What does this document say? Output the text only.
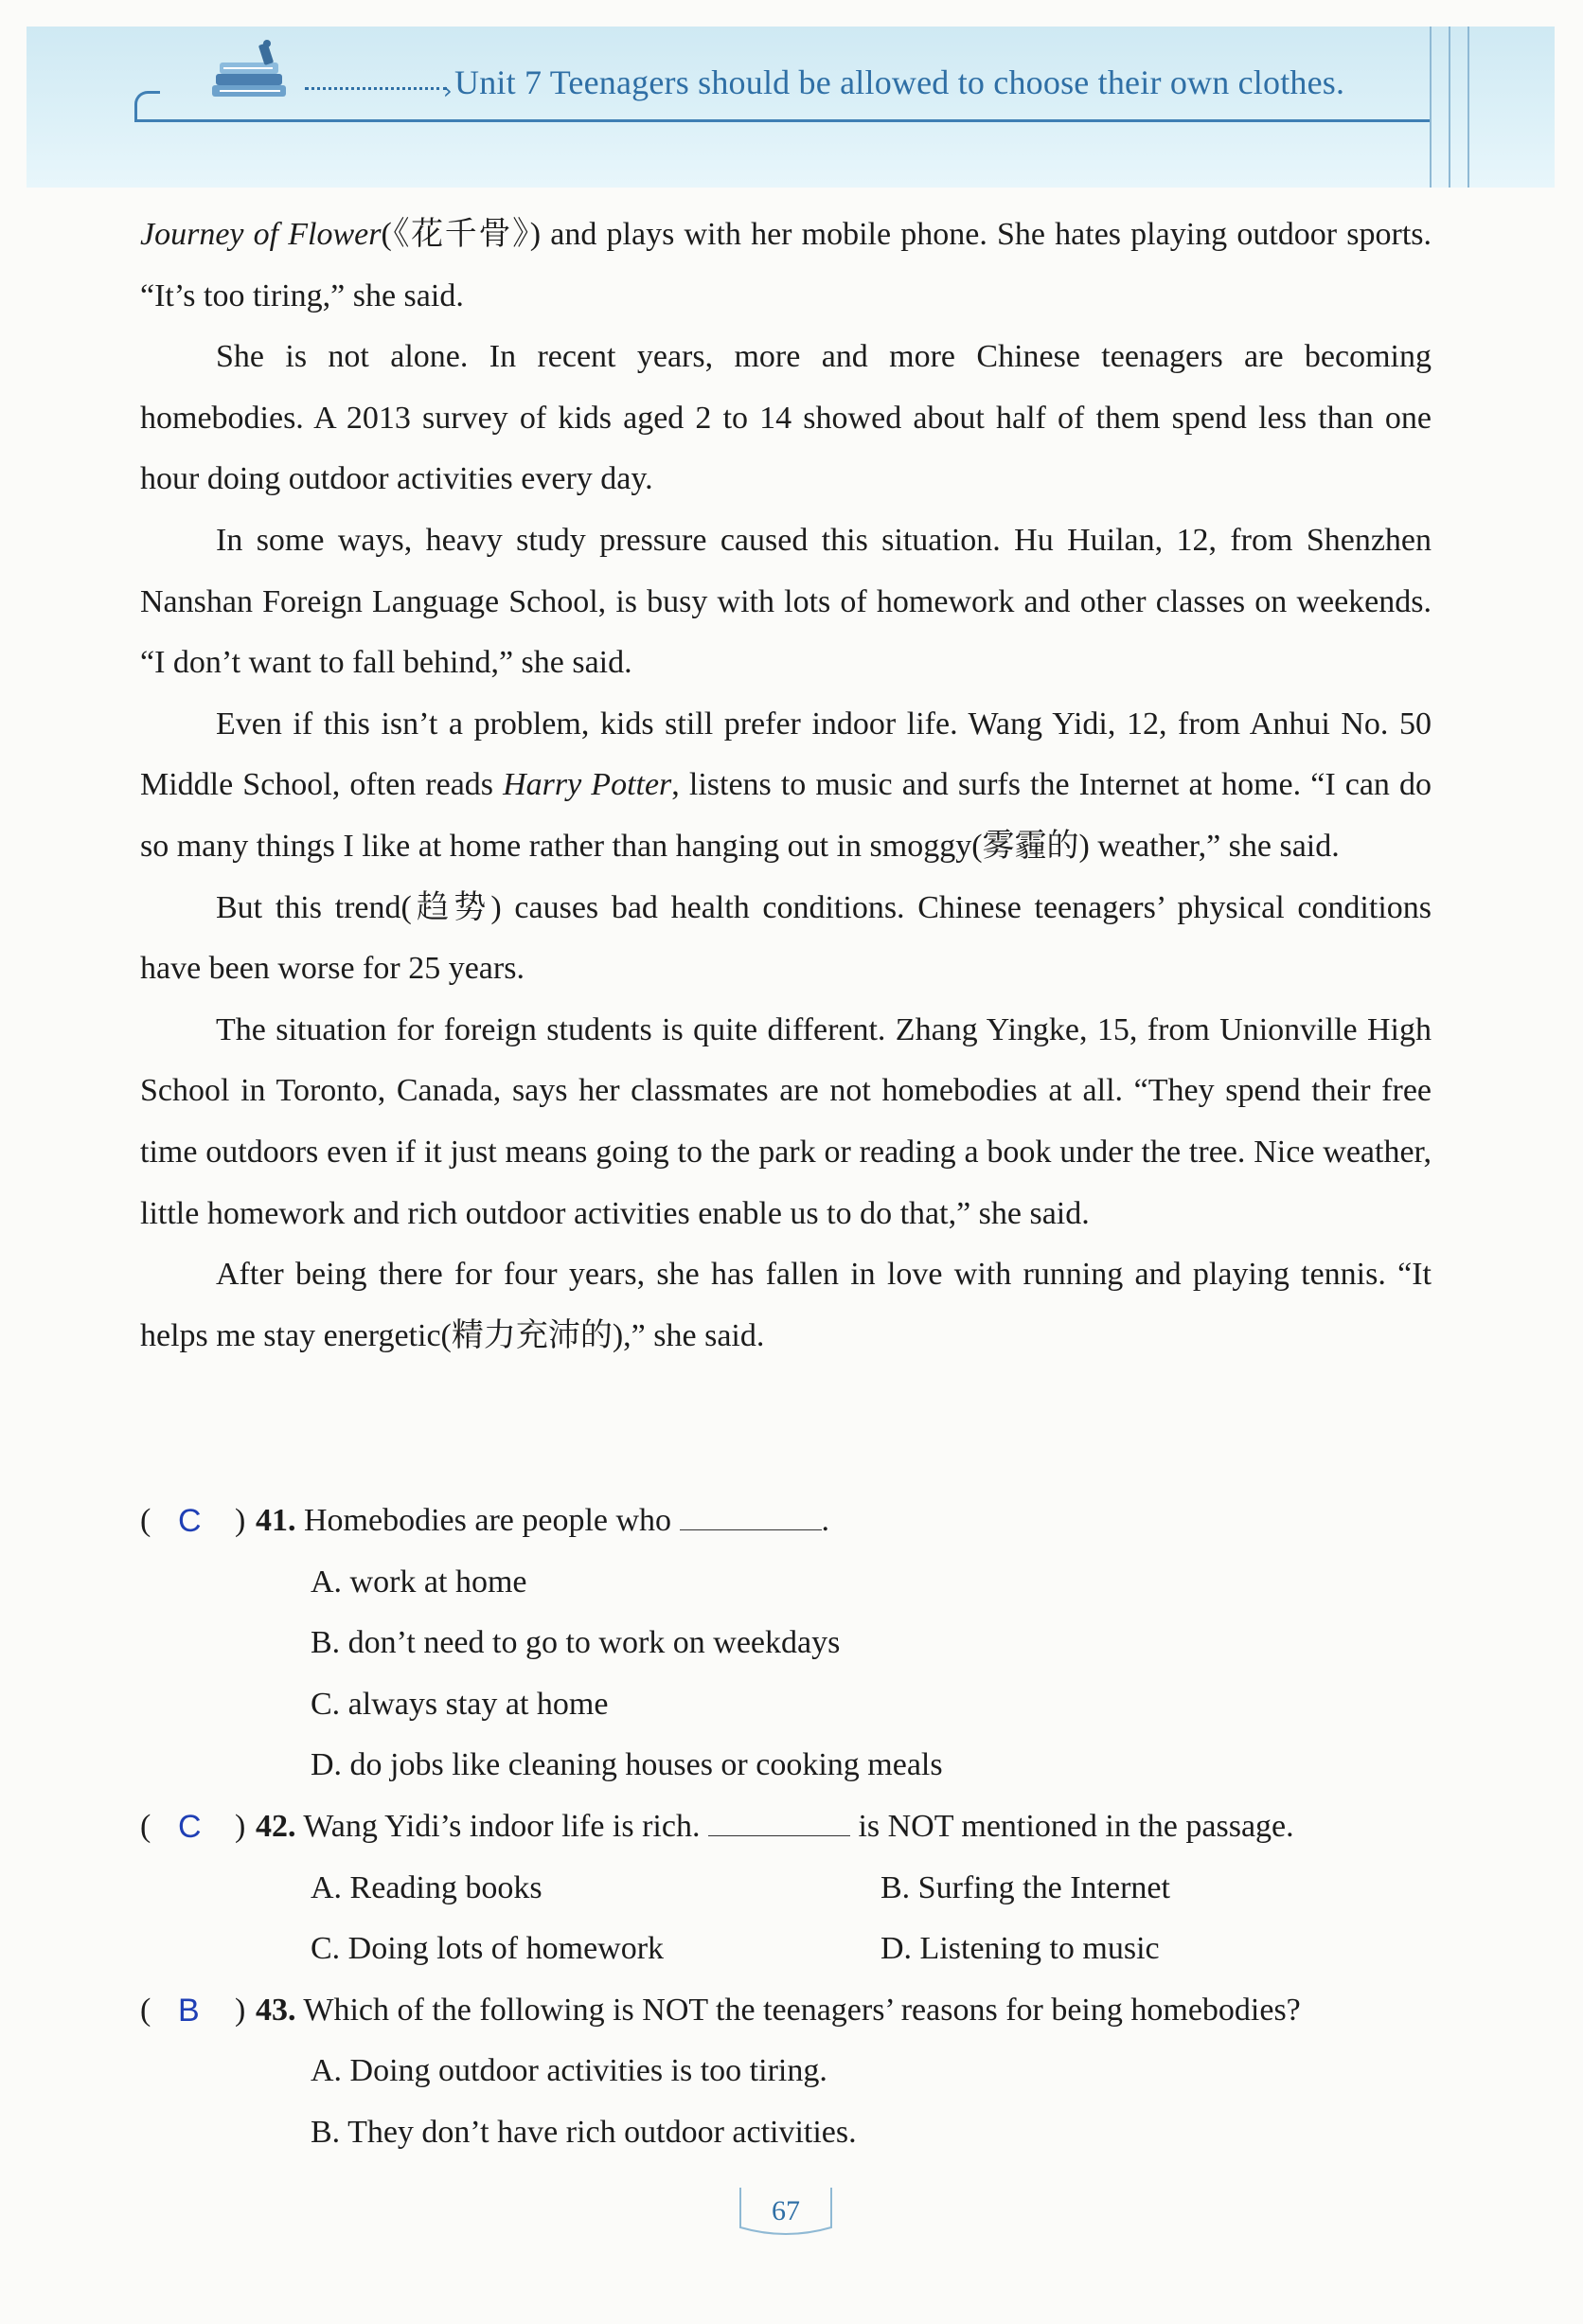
› Unit 7 Teenagers should be allowed to choose their own clothes.

Journey of Flower(《花千骨》) and plays with her mobile phone. She hates playing outdoor sports. “It’s too tiring,” she said.

She is not alone. In recent years, more and more Chinese teenagers are becoming homebodies. A 2013 survey of kids aged 2 to 14 showed about half of them spend less than one hour doing outdoor activities every day.

In some ways, heavy study pressure caused this situation. Hu Huilan, 12, from Shenzhen Nanshan Foreign Language School, is busy with lots of homework and other classes on weekends. “I don’t want to fall behind,” she said.

Even if this isn’t a problem, kids still prefer indoor life. Wang Yidi, 12, from Anhui No. 50 Middle School, often reads Harry Potter, listens to music and surfs the Internet at home. “I can do so many things I like at home rather than hanging out in smoggy(雾霾的) weather,” she said.

But this trend(趋势) causes bad health conditions. Chinese teenagers’ physical conditions have been worse for 25 years.

The situation for foreign students is quite different. Zhang Yingke, 15, from Unionville High School in Toronto, Canada, says her classmates are not homebodies at all. “They spend their free time outdoors even if it just means going to the park or reading a book under the tree. Nice weather, little homework and rich outdoor activities enable us to do that,” she said.

After being there for four years, she has fallen in love with running and playing tennis. “It helps me stay energetic(精力充沛的),” she said.

( C ) 41. Homebodies are people who	.
A. work at home
B. don’t need to go to work on weekdays
C. always stay at home
D. do jobs like cleaning houses or cooking meals
( C ) 42. Wang Yidi’s indoor life is rich.	is NOT mentioned in the passage.
A. Reading books	B. Surfing the Internet
C. Doing lots of homework	D. Listening to music
( B ) 43. Which of the following is NOT the teenagers’ reasons for being homebodies?
A. Doing outdoor activities is too tiring.
B. They don’t have rich outdoor activities.
67
